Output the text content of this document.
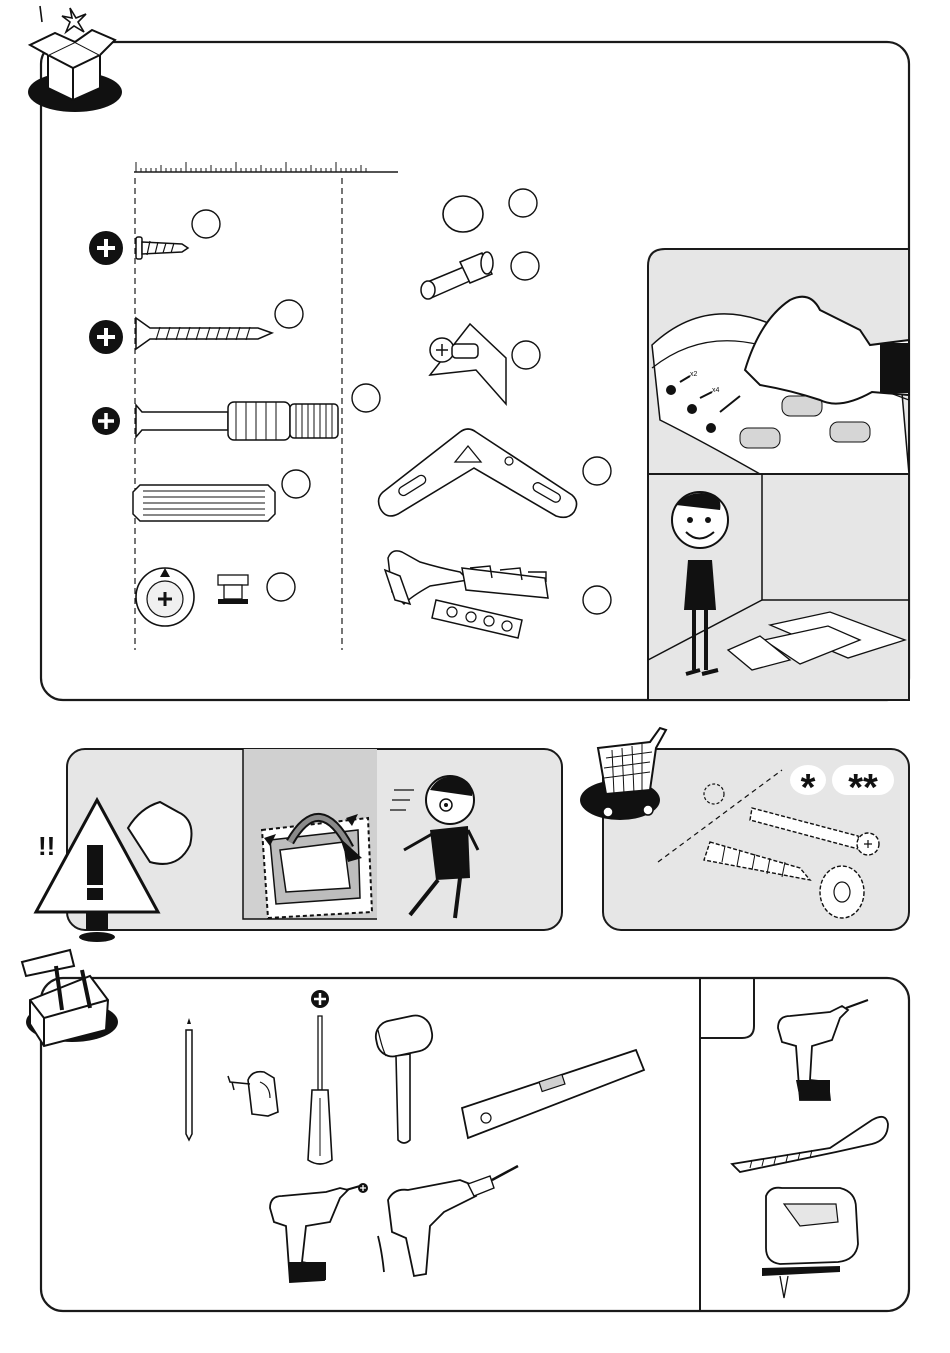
x2
x4
!!
* **
